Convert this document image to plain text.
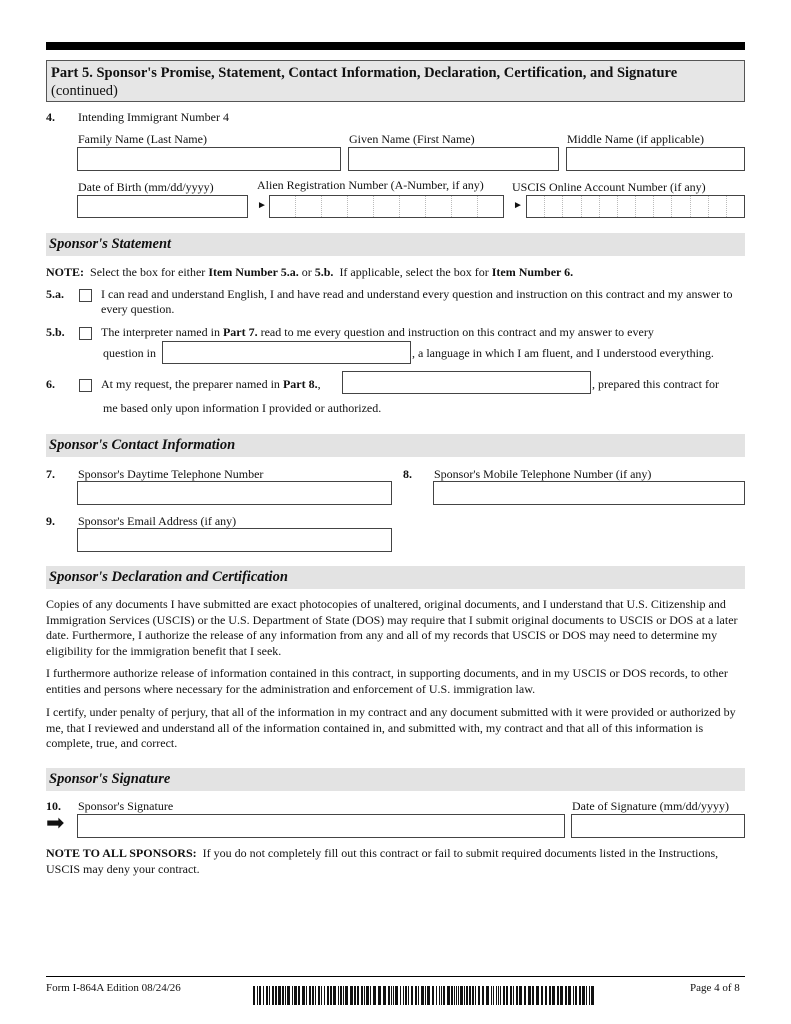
Part 5. Sponsor's Promise, Statement, Contact Information, Declaration, Certification, and Signature
(continued)
4. Intending Immigrant Number 4
Family Name (Last Name)	Given Name (First Name)	Middle Name (if applicable)
Date of Birth (mm/dd/yyyy)	Alien Registration Number (A-Number, if any) USCIS Online Account Number (if any)
►	►
Sponsor's Statement
NOTE: Select the box for either Item Number 5.a. or 5.b. If applicable, select the box for Item Number 6.
5.a.	I can read and understand English, I and have read and understand every question and instruction on this contract and my answer to every question.
5.b.	The interpreter named in Part 7. read to me every question and instruction on this contract and my answer to every
question in	, a language in which I am fluent, and I understood everything.
6.	At my request, the preparer named in Part 8.,	, prepared this contract for
me based only upon information I provided or authorized.
Sponsor's Contact Information
7. Sponsor's Daytime Telephone Number	8. Sponsor's Mobile Telephone Number (if any)
9. Sponsor's Email Address (if any)
Sponsor's Declaration and Certification
Copies of any documents I have submitted are exact photocopies of unaltered, original documents, and I understand that U.S. Citizenship and Immigration Services (USCIS) or the U.S. Department of State (DOS) may require that I submit original documents to USCIS or DOS at a later date. Furthermore, I authorize the release of any information from any and all of my records that USCIS or DOS may need to determine my eligibility for the immigration benefit that I seek.
I furthermore authorize release of information contained in this contract, in supporting documents, and in my USCIS or DOS records, to other entities and persons where necessary for the administration and enforcement of U.S. immigration law.
I certify, under penalty of perjury, that all of the information in my contract and any document submitted with it were provided or authorized by me, that I reviewed and understand all of the information contained in, and submitted with, my contract and that all of this information is complete, true, and correct.
Sponsor's Signature
10. Sponsor's Signature	Date of Signature (mm/dd/yyyy)
➡
NOTE TO ALL SPONSORS: If you do not completely fill out this contract or fail to submit required documents listed in the Instructions, USCIS may deny your contract.
Form I-864A Edition 08/24/26	Page 4 of 8
